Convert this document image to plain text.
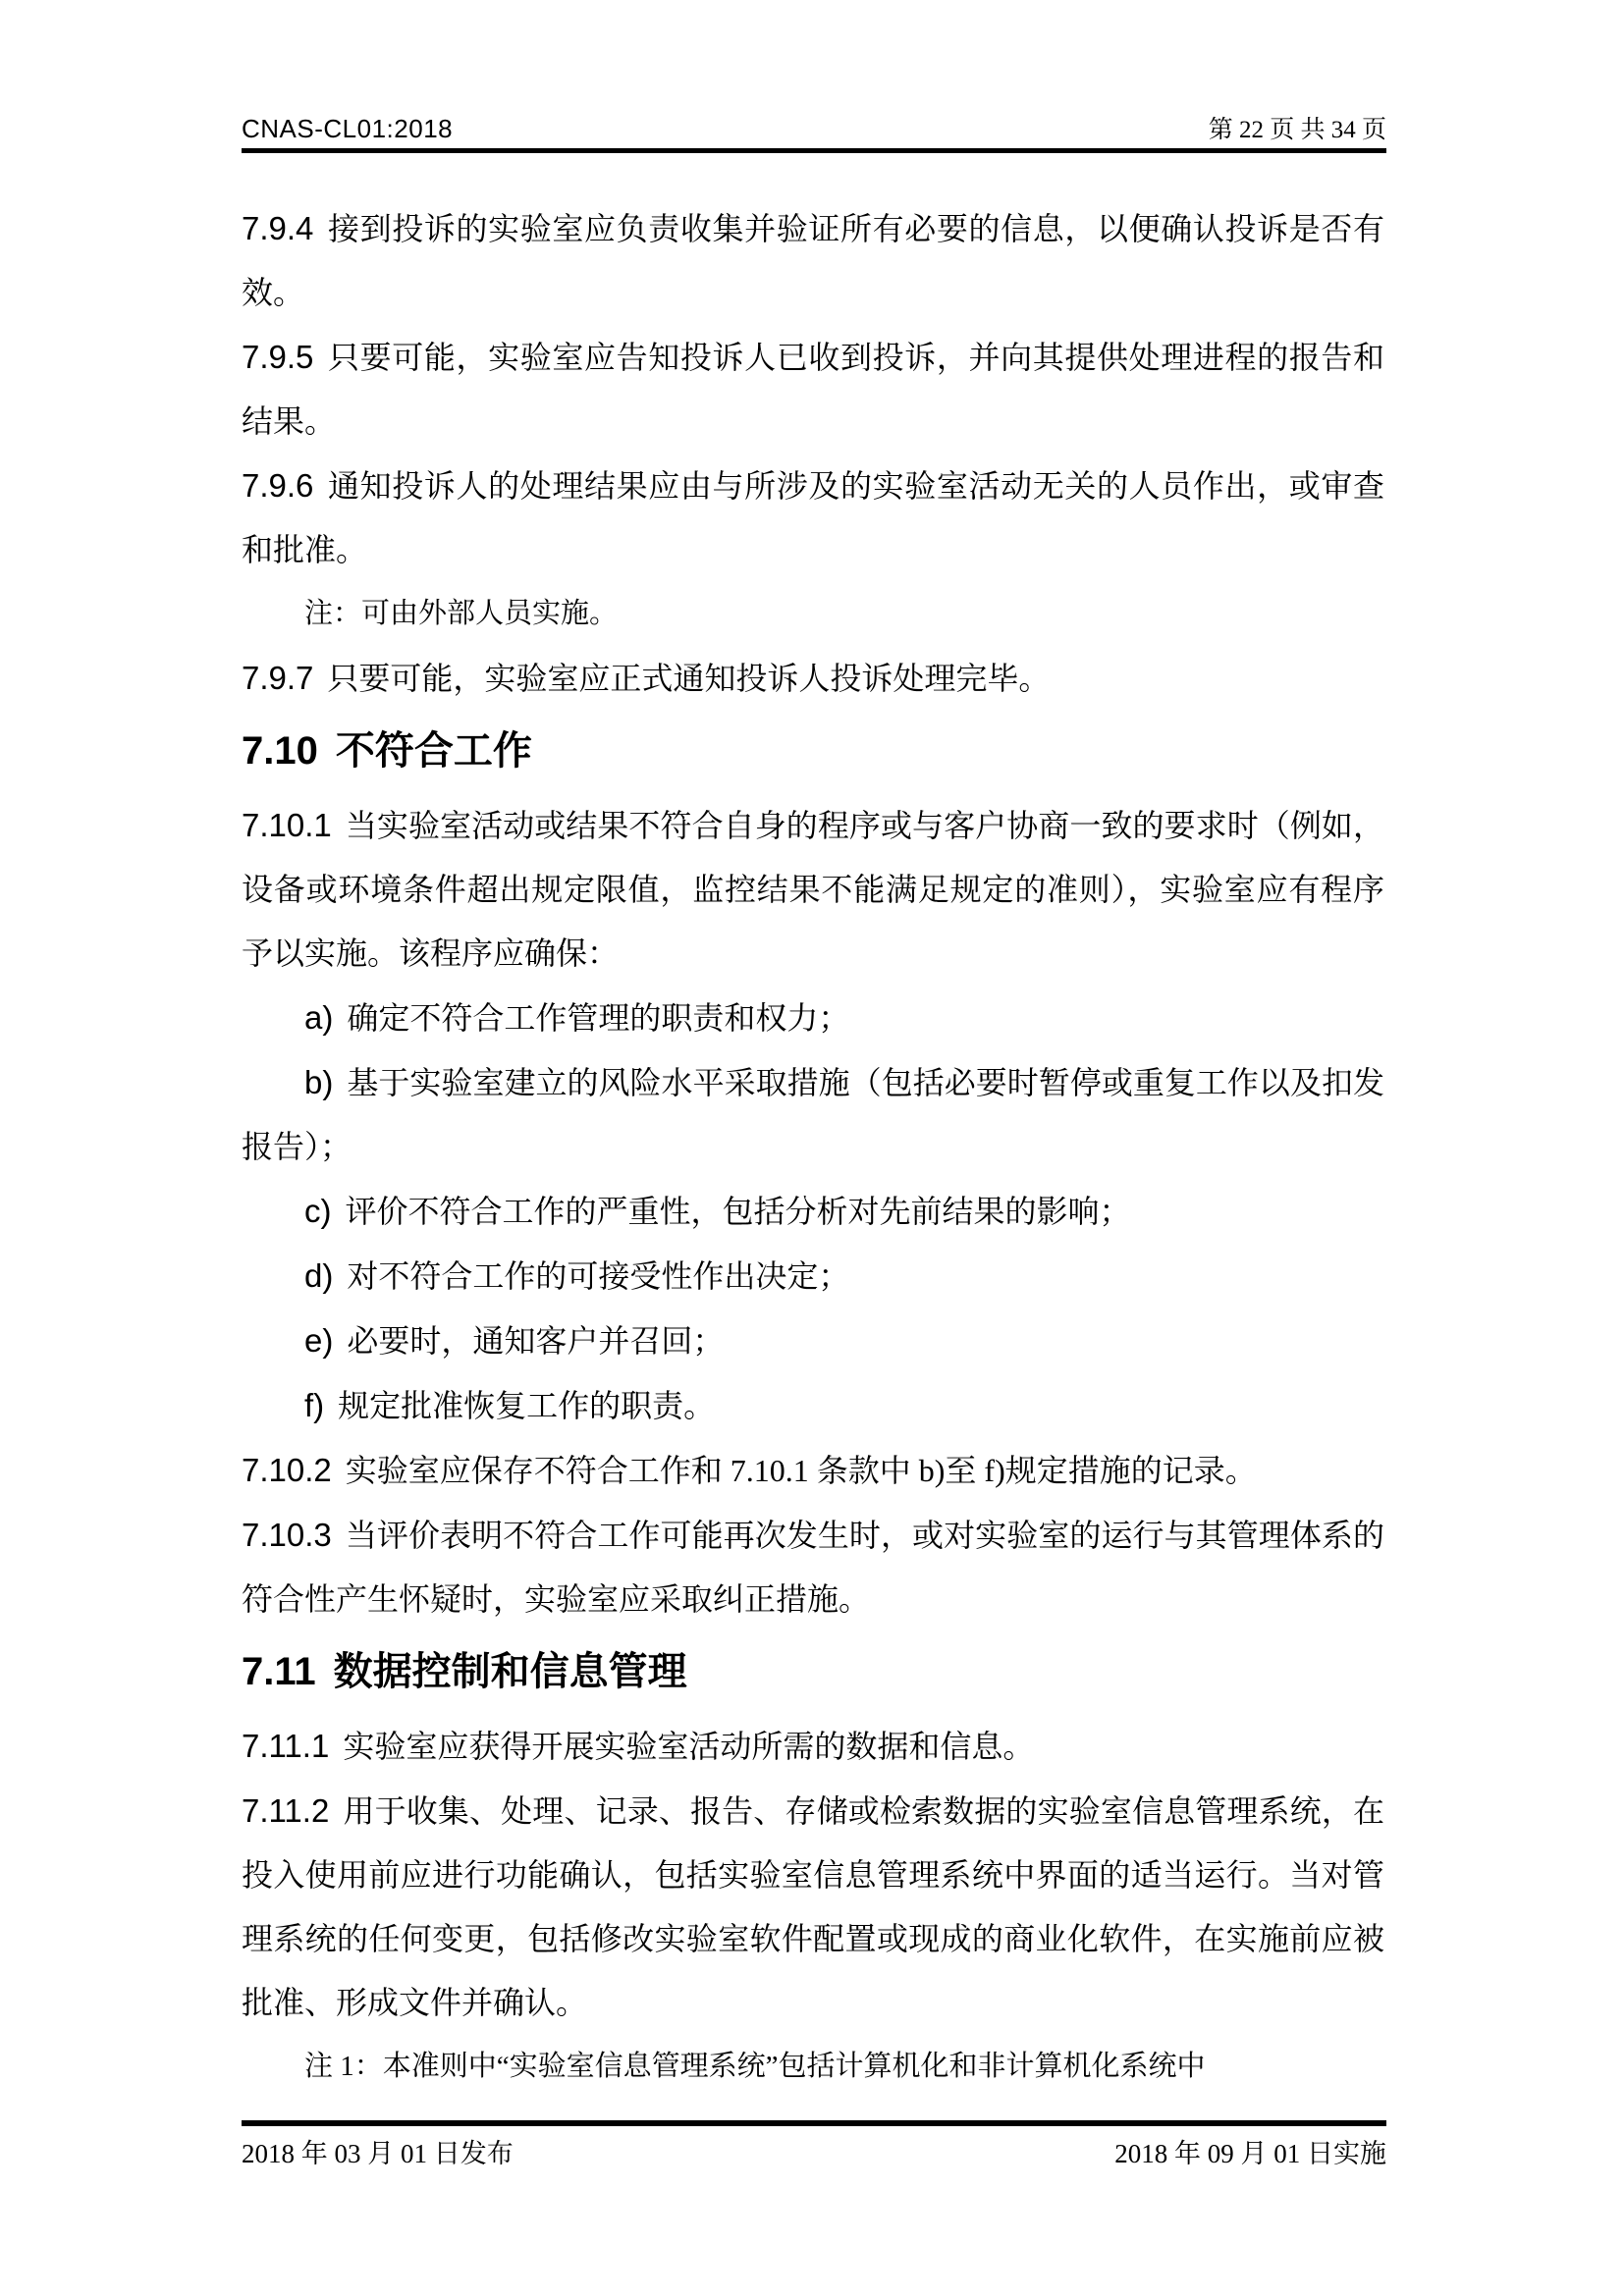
CNAS-CL01:2018	第 22 页 共 34 页

7.9.4 接到投诉的实验室应负责收集并验证所有必要的信息，以便确认投诉是否有效。

7.9.5 只要可能，实验室应告知投诉人已收到投诉，并向其提供处理进程的报告和结果。

7.9.6 通知投诉人的处理结果应由与所涉及的实验室活动无关的人员作出，或审查和批准。

注：可由外部人员实施。

7.9.7 只要可能，实验室应正式通知投诉人投诉处理完毕。

7.10 不符合工作

7.10.1 当实验室活动或结果不符合自身的程序或与客户协商一致的要求时（例如，设备或环境条件超出规定限值，监控结果不能满足规定的准则），实验室应有程序予以实施。该程序应确保：

a) 确定不符合工作管理的职责和权力；

b) 基于实验室建立的风险水平采取措施（包括必要时暂停或重复工作以及扣发报告）；

c) 评价不符合工作的严重性，包括分析对先前结果的影响；

d) 对不符合工作的可接受性作出决定；

e) 必要时，通知客户并召回；

f) 规定批准恢复工作的职责。

7.10.2 实验室应保存不符合工作和 7.10.1 条款中 b)至 f)规定措施的记录。

7.10.3 当评价表明不符合工作可能再次发生时，或对实验室的运行与其管理体系的符合性产生怀疑时，实验室应采取纠正措施。

7.11 数据控制和信息管理

7.11.1 实验室应获得开展实验室活动所需的数据和信息。

7.11.2 用于收集、处理、记录、报告、存储或检索数据的实验室信息管理系统，在投入使用前应进行功能确认，包括实验室信息管理系统中界面的适当运行。当对管理系统的任何变更，包括修改实验室软件配置或现成的商业化软件，在实施前应被批准、形成文件并确认。

注 1：本准则中“实验室信息管理系统”包括计算机化和非计算机化系统中

2018 年 03 月 01 日发布	2018 年 09 月 01 日实施
